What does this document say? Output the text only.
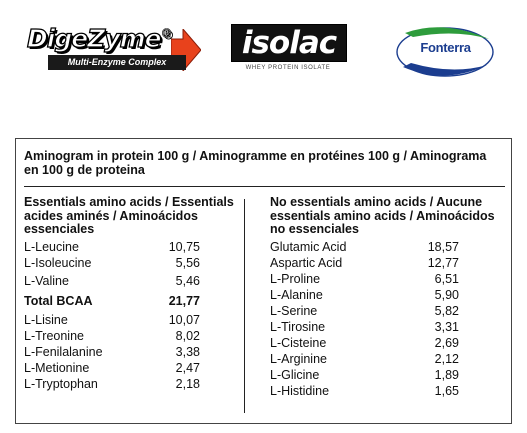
DigeZyme®
Multi-Enzyme Complex
isolac
WHEY PROTEIN ISOLATE
Fonterra
Aminogram in protein 100 g / Aminogramme en protéines 100 g / Aminograma en 100 g de proteina
Essentials amino acids / Essentials acides aminés / Aminoácidos essenciales
L-Leucine	10,75
L-Isoleucine	5,56
L-Valine	5,46
Total BCAA	21,77
L-Lisine	10,07
L-Treonine	8,02
L-Fenilalanine	3,38
L-Metionine	2,47
L-Tryptophan	2,18
No essentials amino acids / Aucune essentials amino acids / Aminoácidos no essenciales
Glutamic Acid	18,57
Aspartic Acid	12,77
L-Proline	6,51
L-Alanine	5,90
L-Serine	5,82
L-Tirosine	3,31
L-Cisteine	2,69
L-Arginine	2,12
L-Glicine	1,89
L-Histidine	1,65
